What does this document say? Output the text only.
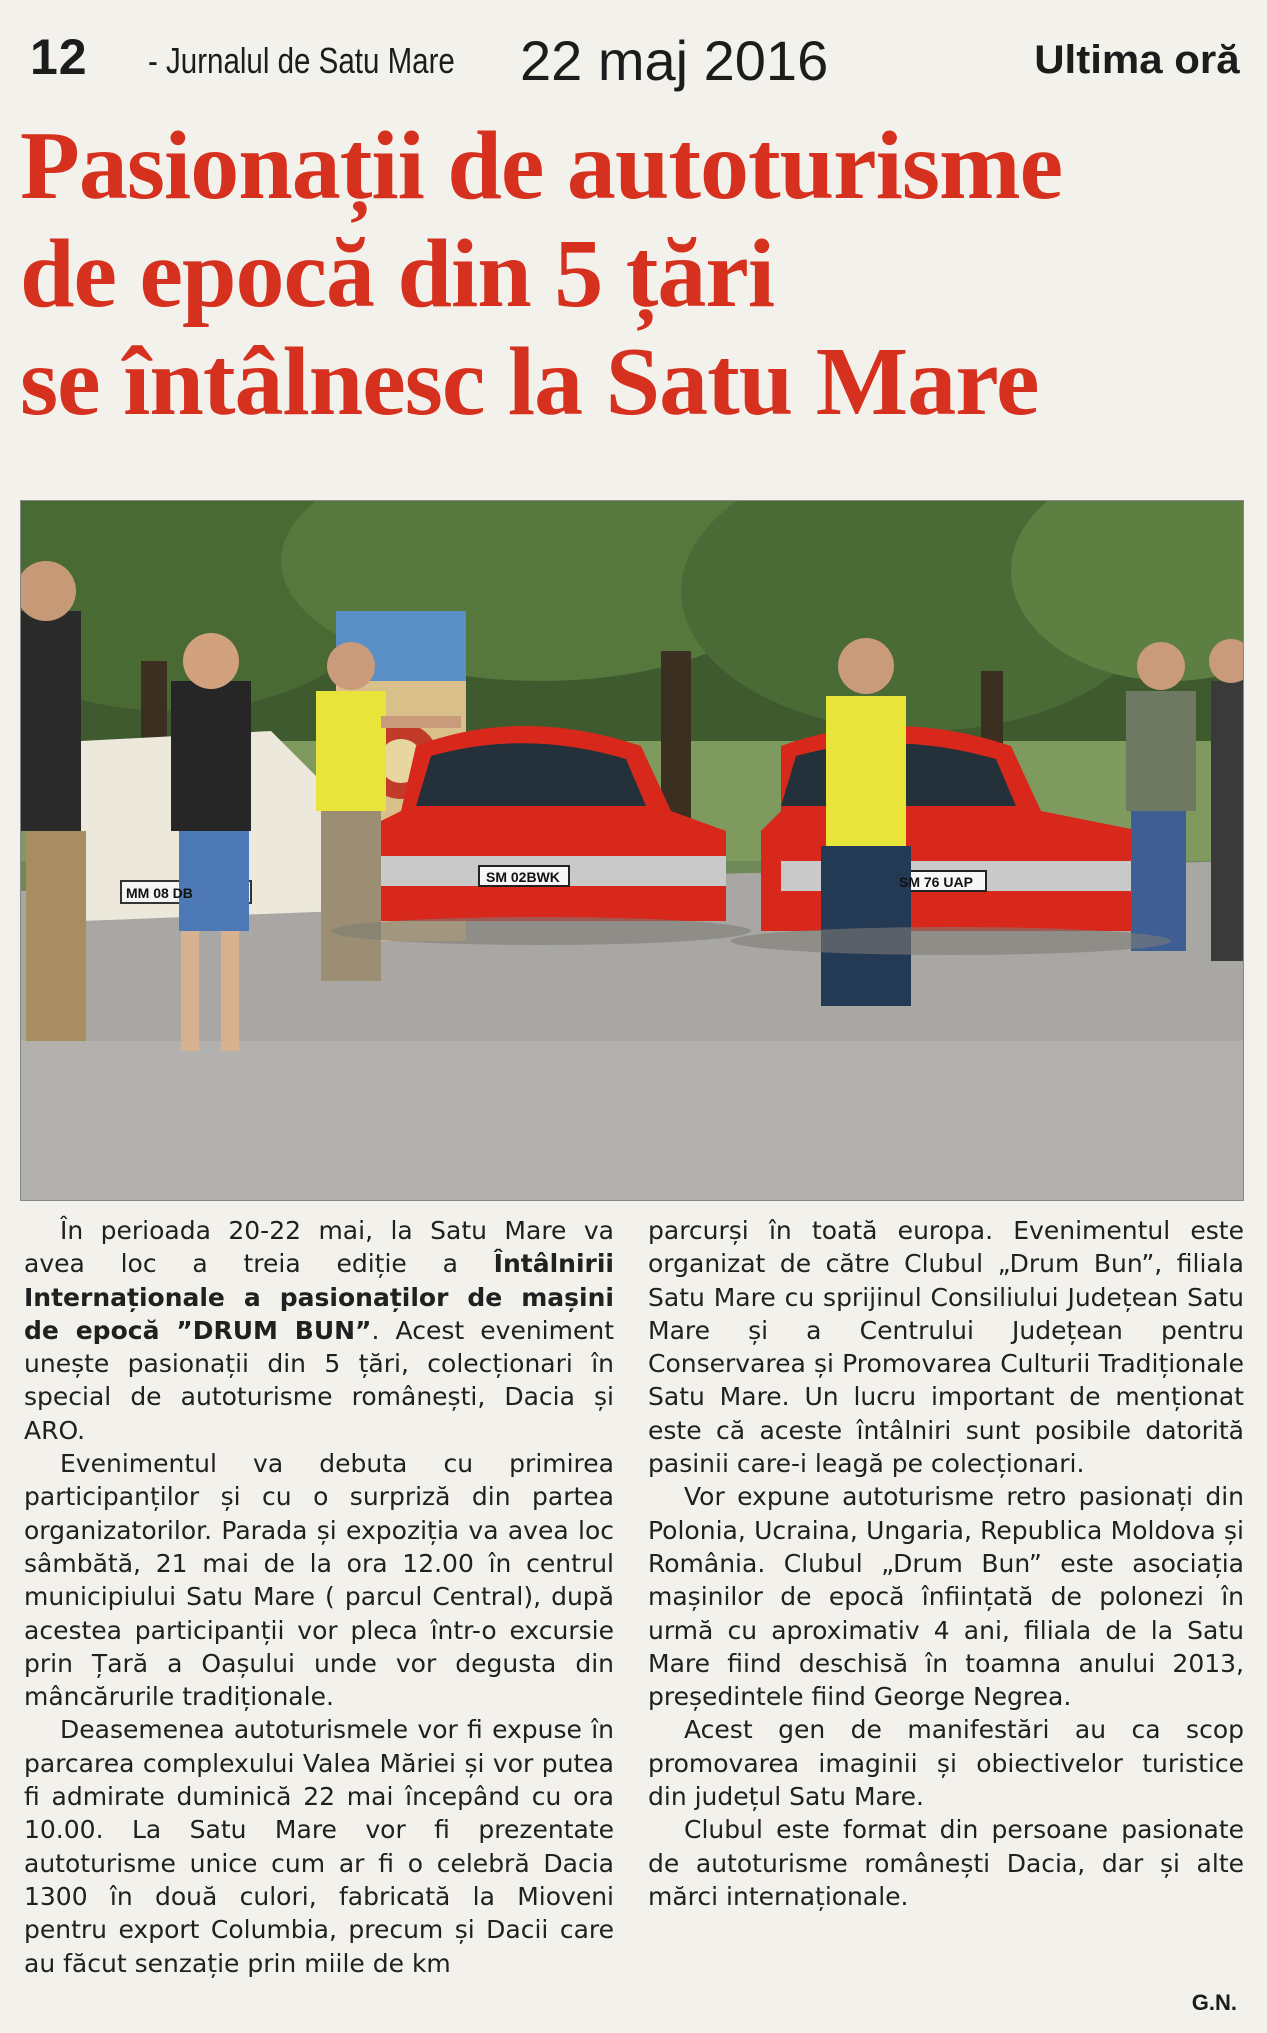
12 - Jurnalul de Satu Mare 22 maj 2016	Ultima oră
Pasionații de autoturisme
de epocă din 5 țări
se întâlnesc la Satu Mare
MM 08 DB
SM 02BWK	SM 76 UAP

În perioada 20-22 mai, la Satu Mare va avea loc a treia ediție a Întâlnirii Internaționale a pasionaților de mașini de epocă ”DRUM BUN”. Acest eveniment unește pasionații din 5 țări, colecționari în special de autoturisme românești, Dacia și ARO.

Evenimentul va debuta cu primirea participanților și cu o surpriză din partea organizatorilor. Parada și expoziția va avea loc sâmbătă, 21 mai de la ora 12.00 în centrul municipiului Satu Mare ( parcul Central), după acestea participanții vor pleca într-o excursie prin Țară a Oașului unde vor degusta din mâncărurile tradiționale.

Deasemenea autoturismele vor fi expuse în parcarea complexului Valea Măriei și vor putea fi admirate duminică 22 mai începând cu ora 10.00. La Satu Mare vor fi prezentate autoturisme unice cum ar fi o celebră Dacia 1300 în două culori, fabricată la Mioveni pentru export Columbia, precum și Dacii care au făcut senzație prin miile de km

parcurși în toată europa. Evenimentul este organizat de către Clubul „Drum Bun”, filiala Satu Mare cu sprijinul Consiliului Județean Satu Mare și a Centrului Județean pentru Conservarea și Promovarea Culturii Tradiționale Satu Mare. Un lucru important de menționat este că aceste întâlniri sunt posibile datorită pasinii care-i leagă pe colecționari.

Vor expune autoturisme retro pasionați din Polonia, Ucraina, Ungaria, Republica Moldova și România. Clubul „Drum Bun” este asociația mașinilor de epocă înființată de polonezi în urmă cu aproximativ 4 ani, filiala de la Satu Mare fiind deschisă în toamna anului 2013, președintele fiind George Negrea.

Acest gen de manifestări au ca scop promovarea imaginii și obiectivelor turistice din județul Satu Mare.

Clubul este format din persoane pasionate de autoturisme românești Dacia, dar și alte mărci internaționale.

G.N.
